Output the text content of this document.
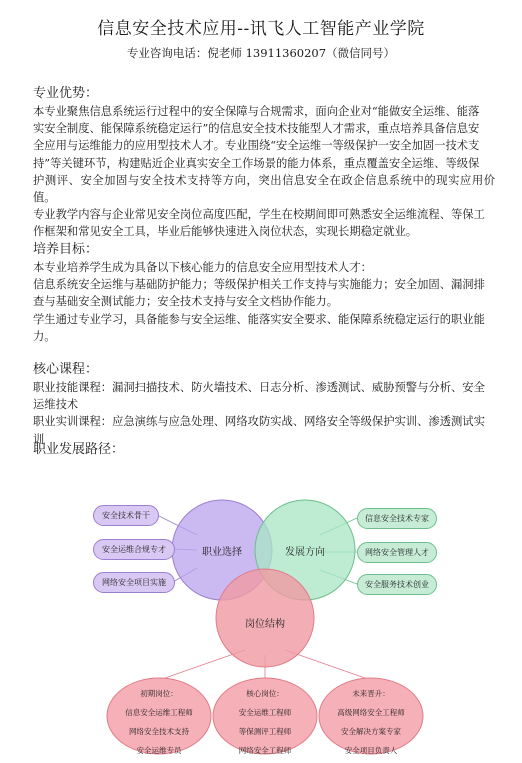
信息安全技术应用--讯飞人工智能产业学院
专业咨询电话：倪老师 13911360207（微信同号）
专业优势：
本专业聚焦信息系统运行过程中的安全保障与合规需求，面向企业对“能做安全运维、能落
实安全制度、能保障系统稳定运行”的信息安全技术技能型人才需求，重点培养具备信息安
全应用与运维能力的应用型技术人才。专业围绕“安全运维一等级保护一安全加固一技术支
持”等关键环节，构建贴近企业真实安全工作场景的能力体系，重点覆盖安全运维、等级保
护测评、安全加固与安全技术支持等方向，突出信息安全在政企信息系统中的现实应用价值。
专业教学内容与企业常见安全岗位高度匹配，学生在校期间即可熟悉安全运维流程、等保工
作框架和常见安全工具，毕业后能够快速进入岗位状态，实现长期稳定就业。
培养目标：
本专业培养学生成为具备以下核心能力的信息安全应用型技术人才：
信息系统安全运维与基础防护能力；等级保护相关工作支持与实施能力；安全加固、漏洞排
查与基础安全测试能力；安全技术支持与安全文档协作能力。
学生通过专业学习，具备能参与安全运维、能落实安全要求、能保障系统稳定运行的职业能
力。
核心课程：
职业技能课程：漏洞扫描技术、防火墙技术、日志分析、渗透测试、威胁预警与分析、安全
运维技术
职业实训课程：应急演练与应急处理、网络攻防实战、网络安全等级保护实训、渗透测试实
训
职业发展路径：
职业选择	发展方向
岗位结构
安全技术骨干
安全运维合规专才
网络安全项目实施
信息安全技术专家
网络安全管理人才
安全服务技术创业
初期岗位：
信息安全运维工程师
网络安全技术支持
安全运维专员
核心岗位：
安全运维工程师
等保测评工程师
网络安全工程师
未来晋升：
高级网络安全工程师
安全解决方案专家
安全项目负责人
